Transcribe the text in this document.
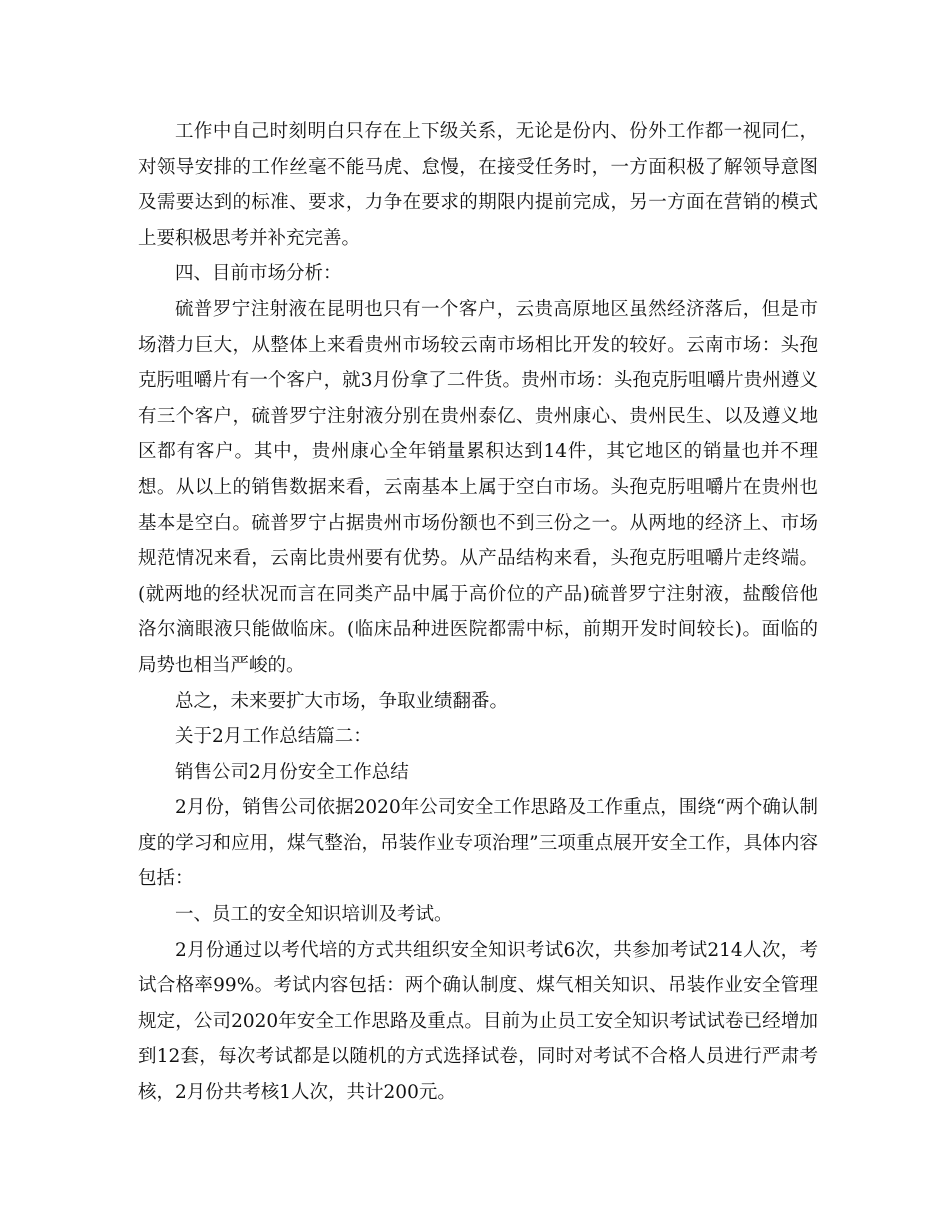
工作中自己时刻明白只存在上下级关系，无论是份内、份外工作都一视同仁，对领导安排的工作丝毫不能马虎、怠慢，在接受任务时，一方面积极了解领导意图及需要达到的标准、要求，力争在要求的期限内提前完成，另一方面在营销的模式上要积极思考并补充完善。

四、目前市场分析：

硫普罗宁注射液在昆明也只有一个客户，云贵高原地区虽然经济落后，但是市场潜力巨大，从整体上来看贵州市场较云南市场相比开发的较好。云南市场：头孢克肟咀嚼片有一个客户，就3月份拿了二件货。贵州市场：头孢克肟咀嚼片贵州遵义有三个客户，硫普罗宁注射液分别在贵州泰亿、贵州康心、贵州民生、以及遵义地区都有客户。其中，贵州康心全年销量累积达到14件，其它地区的销量也并不理想。从以上的销售数据来看，云南基本上属于空白市场。头孢克肟咀嚼片在贵州也基本是空白。硫普罗宁占据贵州市场份额也不到三份之一。从两地的经济上、市场规范情况来看，云南比贵州要有优势。从产品结构来看，头孢克肟咀嚼片走终端。(就两地的经状况而言在同类产品中属于高价位的产品)硫普罗宁注射液，盐酸倍他洛尔滴眼液只能做临床。(临床品种进医院都需中标，前期开发时间较长)。面临的局势也相当严峻的。

总之，未来要扩大市场，争取业绩翻番。

关于2月工作总结篇二：

销售公司2月份安全工作总结

2月份，销售公司依据2020年公司安全工作思路及工作重点，围绕“两个确认制度的学习和应用，煤气整治，吊装作业专项治理”三项重点展开安全工作，具体内容包括：

一、员工的安全知识培训及考试。

2月份通过以考代培的方式共组织安全知识考试6次，共参加考试214人次，考试合格率99%。考试内容包括：两个确认制度、煤气相关知识、吊装作业安全管理规定，公司2020年安全工作思路及重点。目前为止员工安全知识考试试卷已经增加到12套，每次考试都是以随机的方式选择试卷，同时对考试不合格人员进行严肃考核，2月份共考核1人次，共计200元。
